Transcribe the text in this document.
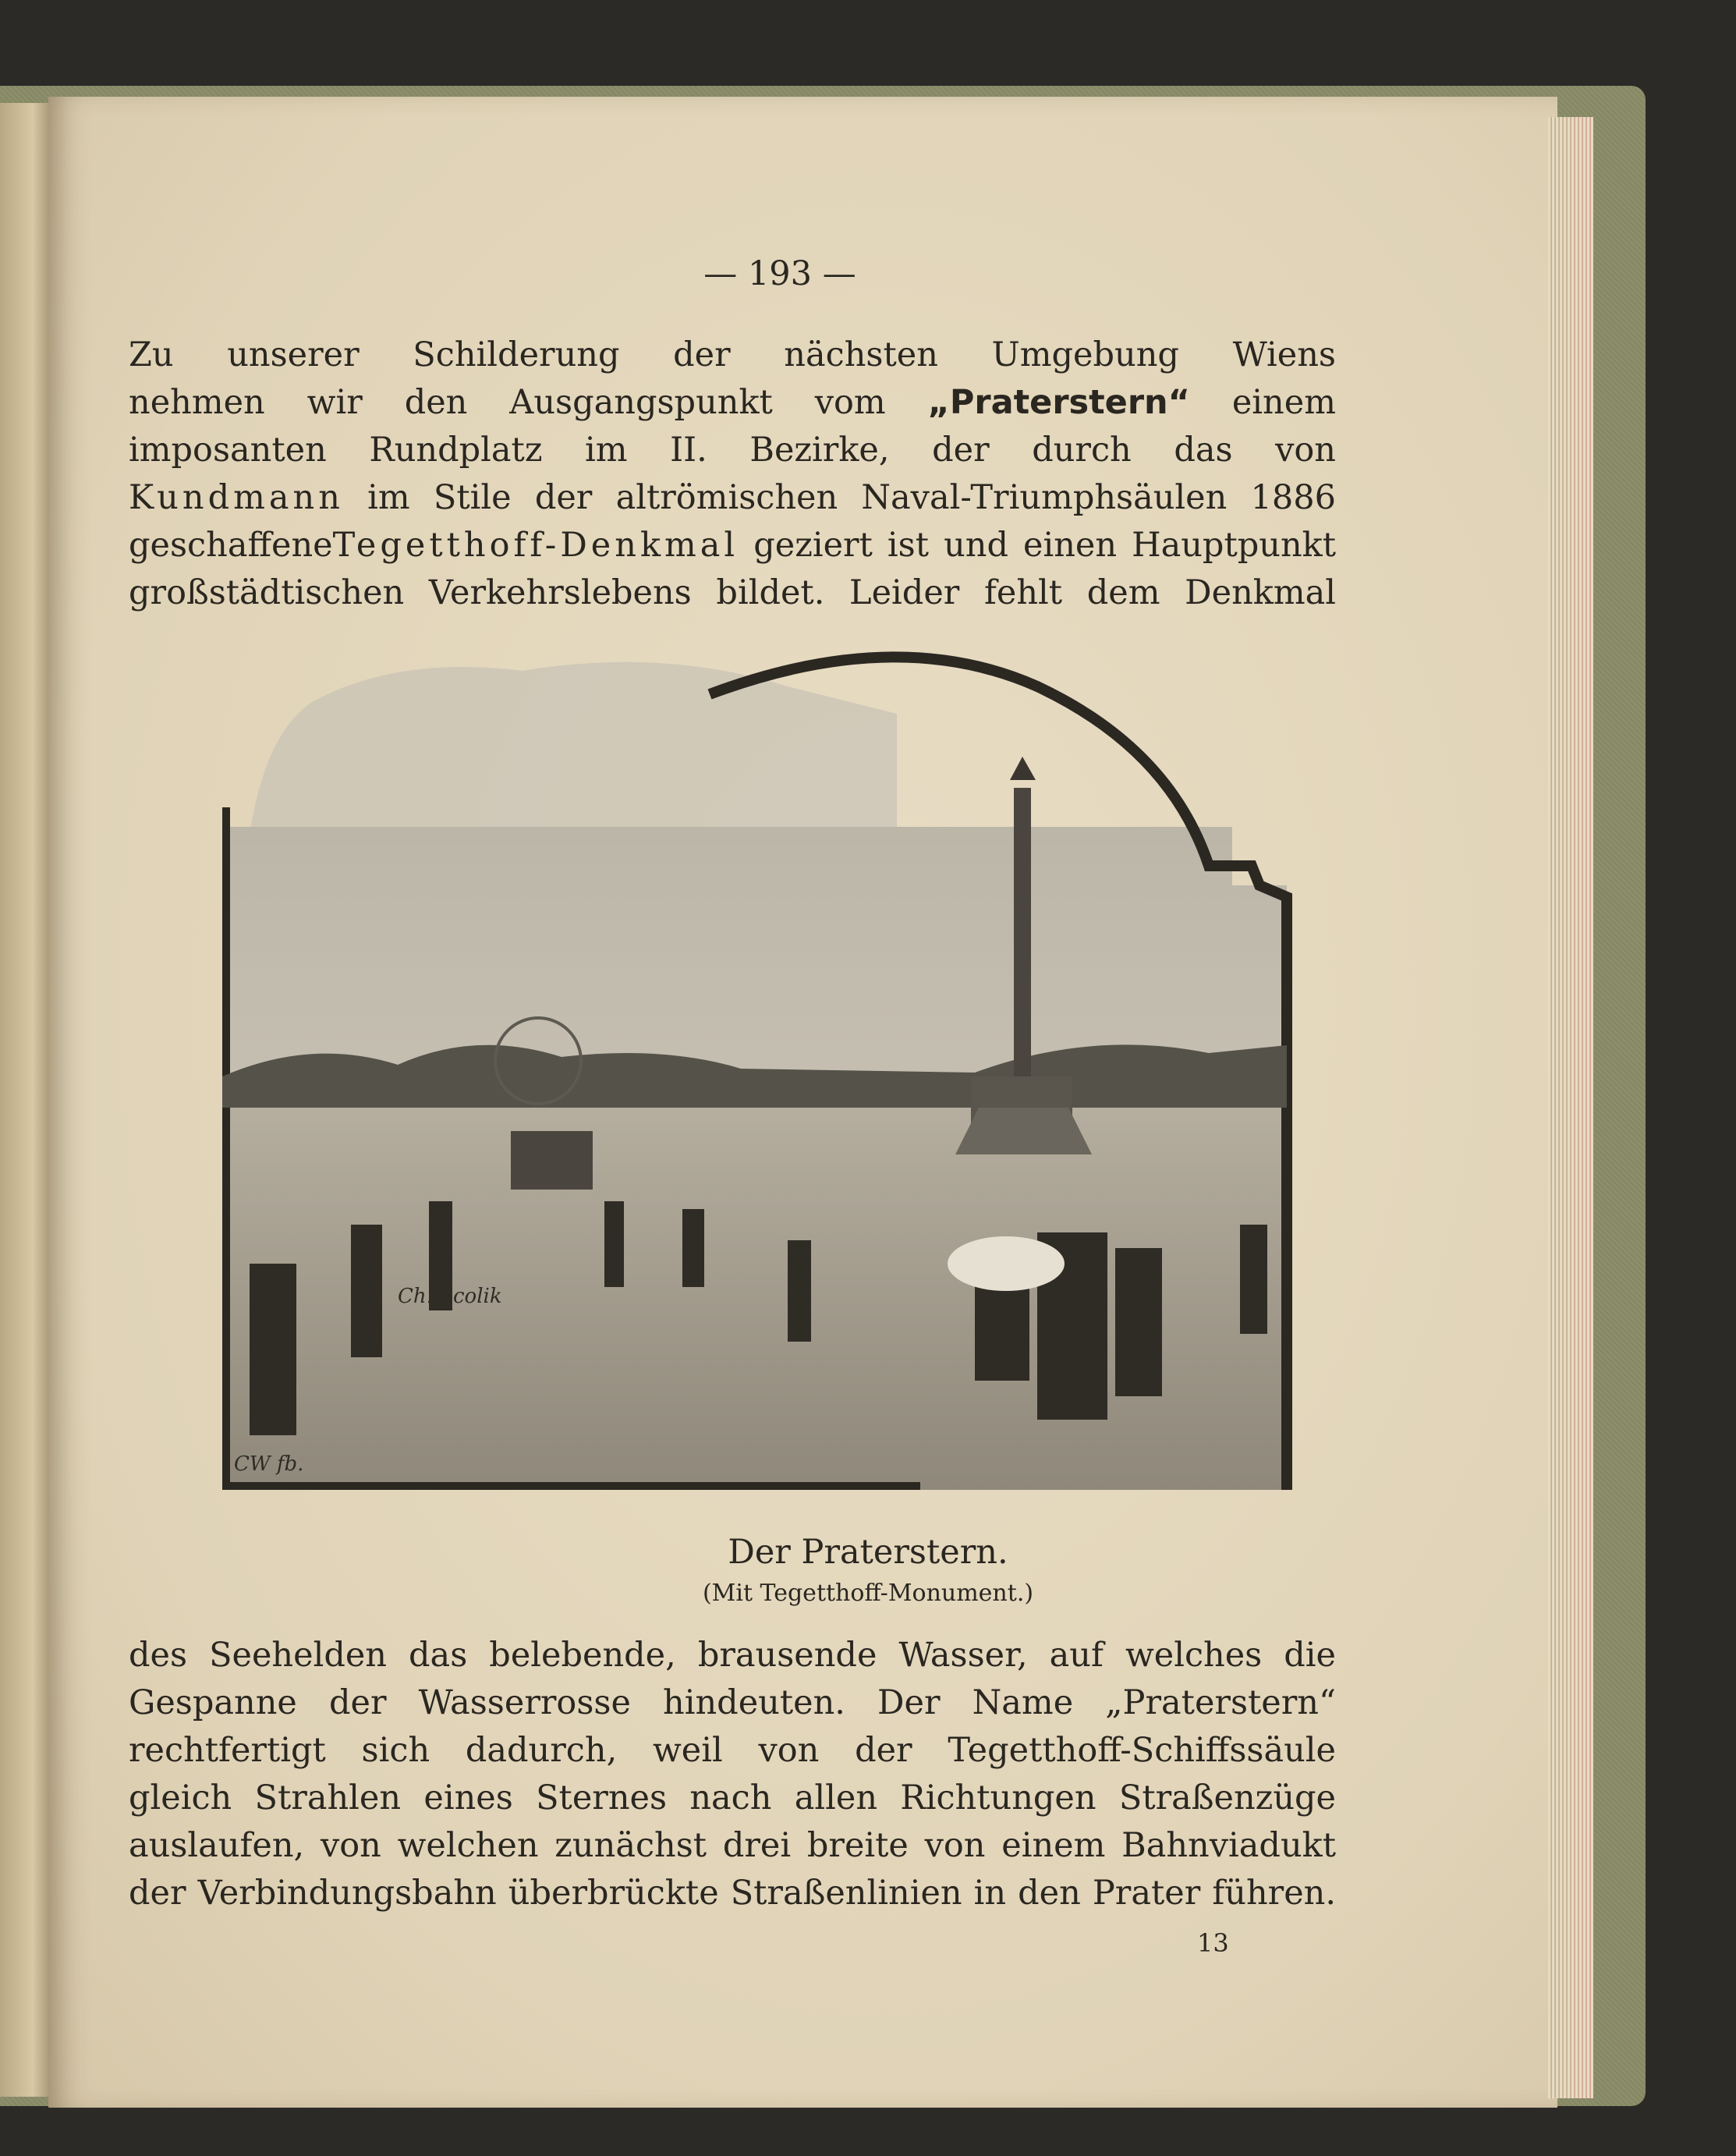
— 193 —
Zu unserer Schilderung der nächsten Umgebung Wiens
nehmen wir den Ausgangspunkt vom „Praterstern“ einem
imposanten Rundplatz im II. Bezirke, der durch das von
Kundmann im Stile der altrömischen Naval-Triumphsäulen 1886
geschaffeneTegetthoff-Denkmal geziert ist und einen Hauptpunkt
großstädtischen Verkehrslebens bildet. Leider fehlt dem Denkmal
Ch. Scolik
CW fb.
Der Praterstern.
(Mit Tegetthoff-Monument.)
des Seehelden das belebende, brausende Wasser, auf welches die
Gespanne der Wasserrosse hindeuten. Der Name „Praterstern“
rechtfertigt sich dadurch, weil von der Tegetthoff-Schiffssäule
gleich Strahlen eines Sternes nach allen Richtungen Straßenzüge
auslaufen, von welchen zunächst drei breite von einem Bahnviadukt
der Verbindungsbahn überbrückte Straßenlinien in den Prater führen.
13
